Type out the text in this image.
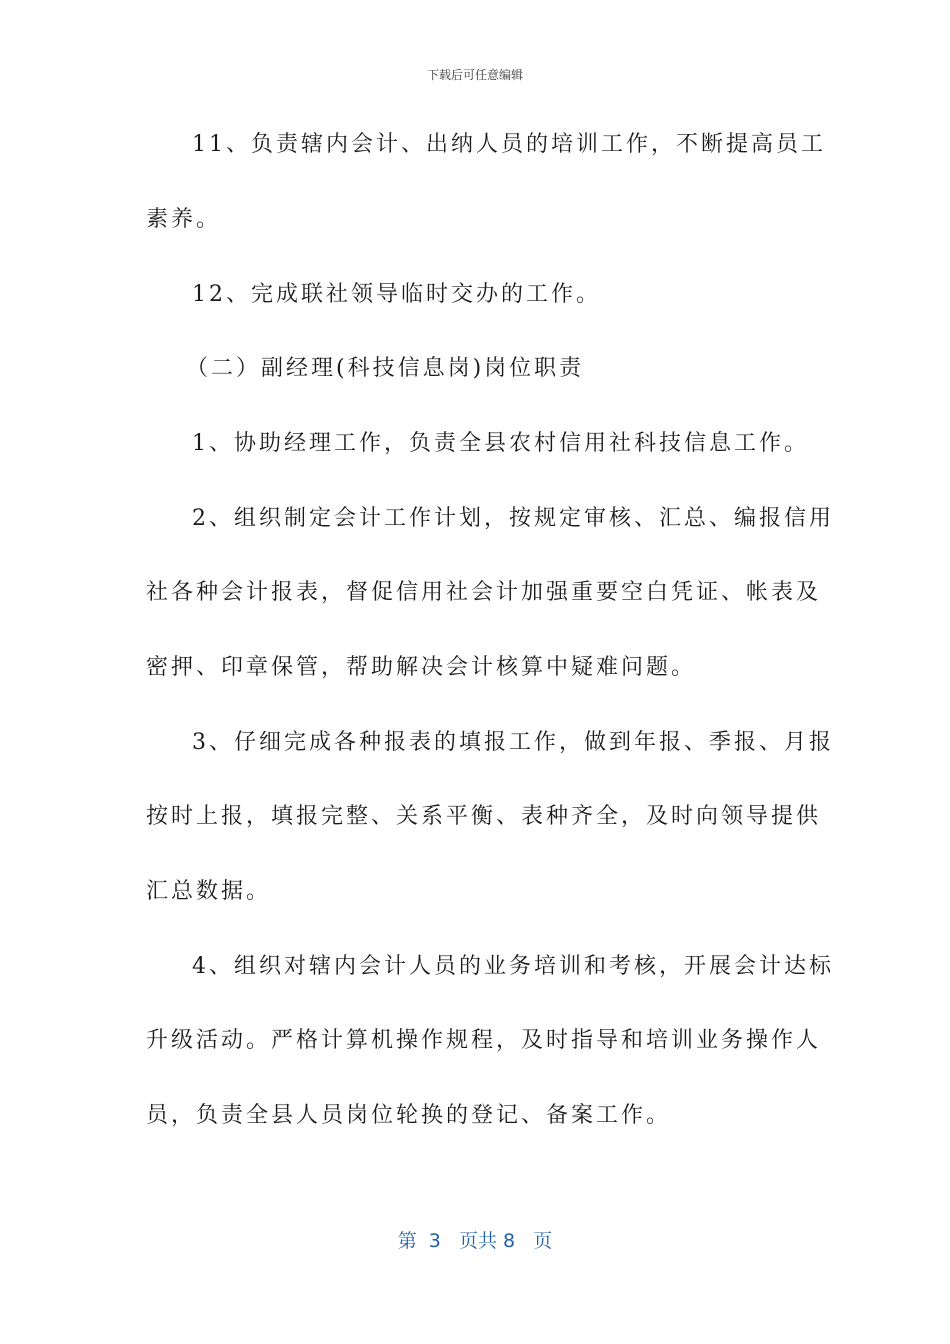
下载后可任意编辑
11、负责辖内会计、出纳人员的培训工作，不断提高员工
素养。
12、完成联社领导临时交办的工作。
（二）副经理(科技信息岗)岗位职责
1、协助经理工作，负责全县农村信用社科技信息工作。
2、组织制定会计工作计划，按规定审核、汇总、编报信用
社各种会计报表，督促信用社会计加强重要空白凭证、帐表及
密押、印章保管，帮助解决会计核算中疑难问题。
3、仔细完成各种报表的填报工作，做到年报、季报、月报
按时上报，填报完整、关系平衡、表种齐全，及时向领导提供
汇总数据。
4、组织对辖内会计人员的业务培训和考核，开展会计达标
升级活动。严格计算机操作规程，及时指导和培训业务操作人
员，负责全县人员岗位轮换的登记、备案工作。
第  3   页共 8   页
